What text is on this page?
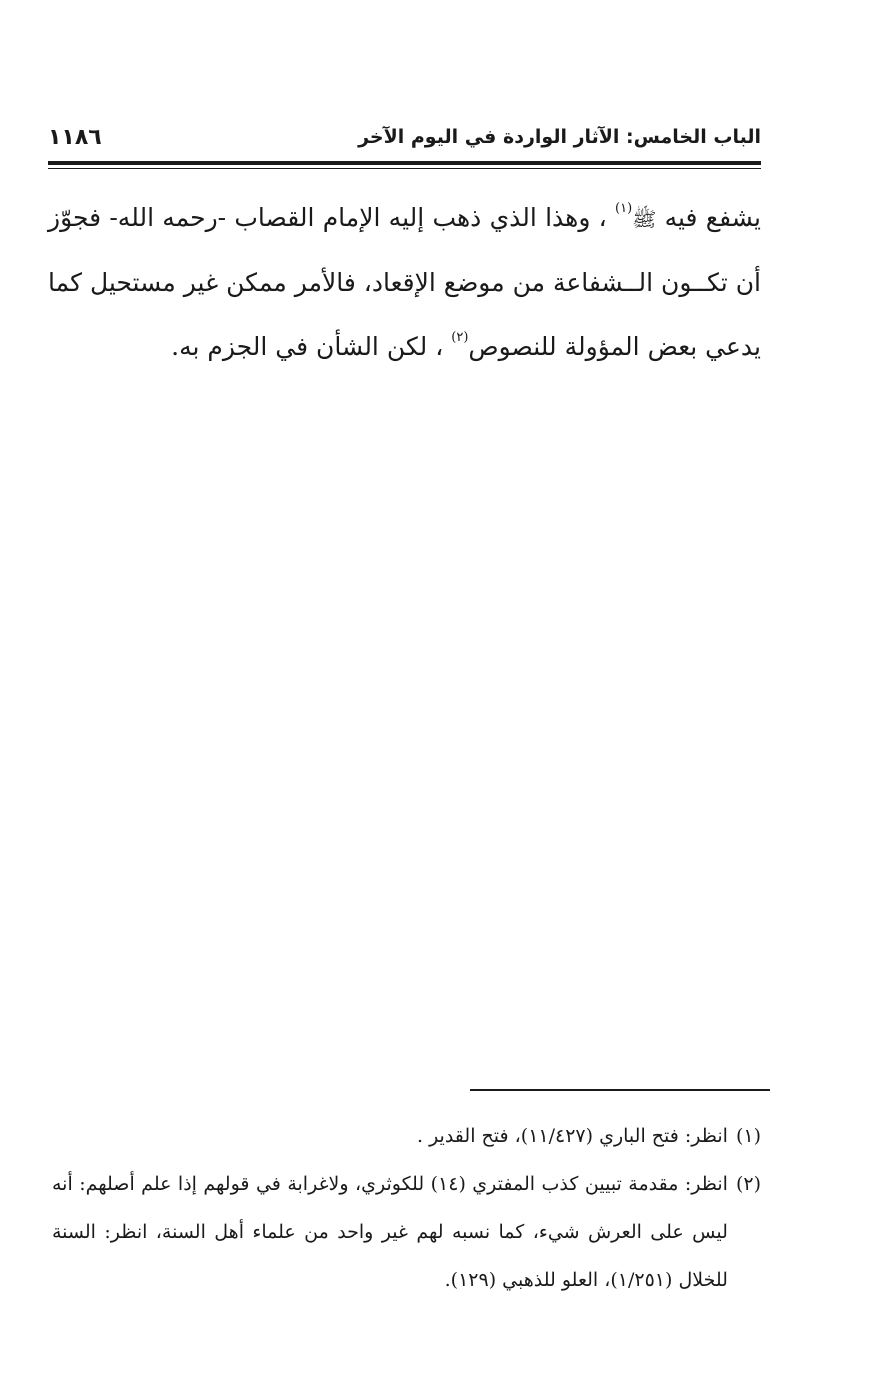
الباب الخامس: الآثار الواردة في اليوم الآخر
١١٨٦

يشفع فيه ﷺ$^{(١)}$ ، وهذا الذي ذهب إليه الإمام القصاب -رحمه الله- فجوّز أن تكــون الــشفاعة من موضع الإقعاد، فالأمر ممكن غير مستحيل كما يدعي بعض المؤولة للنصوص$^{(٢)}$ ، لكن الشأن في الجزم به.

(١)
انظر: فتح الباري (١١/٤٢٧)، فتح القدير .
(٢)
انظر: مقدمة تبيين كذب المفتري (١٤) للكوثري، ولاغرابة في قولهم إذا علم أصلهم: أنه ليس على العرش شيء، كما نسبه لهم غير واحد من علماء أهل السنة، انظر: السنة للخلال (١/٢٥١)، العلو للذهبي (١٢٩).
